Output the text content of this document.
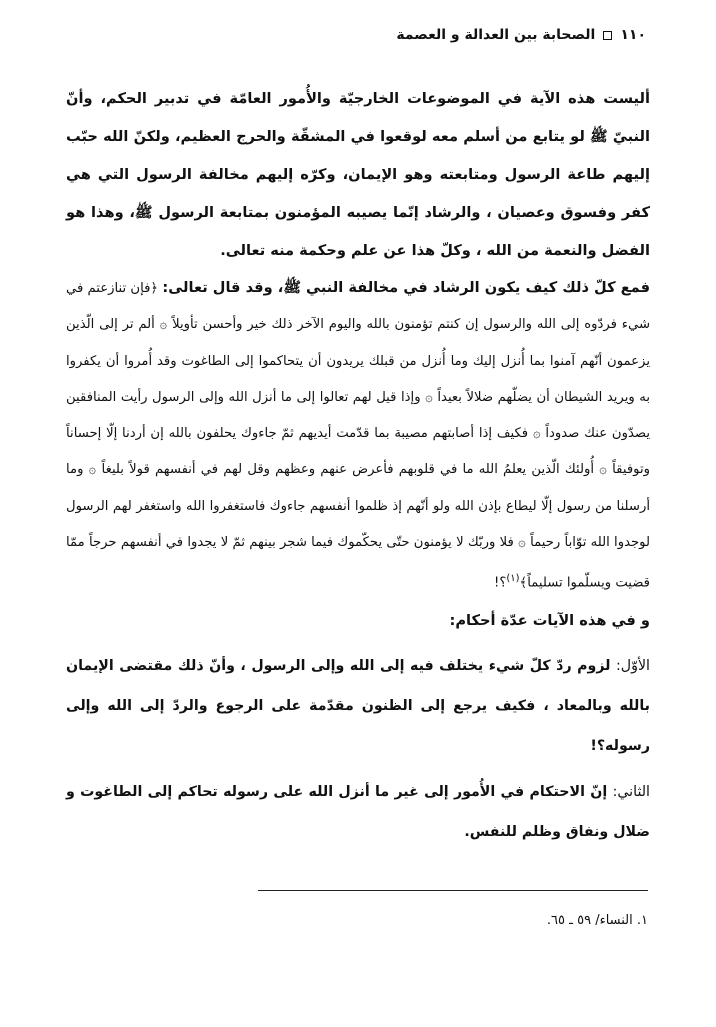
١١٠
الصحابة بين العدالة و العصمة

أليست هذه الآية في الموضوعات الخارجيّة والأُمور العامّة في تدبير الحكم، وأنّ النبيّ ﷺ لو يتابع من أسلم معه لوقعوا في المشقّة والحرج العظيم، ولكنّ الله حبّب إليهم طاعة الرسول ومتابعته وهو الإيمان، وكرّه إليهم مخالفة الرسول التي هي كفر وفسوق وعصيان ، والرشاد إنّما يصيبه المؤمنون بمتابعة الرسول ﷺ، وهذا هو الفضل والنعمة من الله ، وكلّ هذا عن علم وحكمة منه تعالى.

فمع كلّ ذلك كيف يكون الرشاد في مخالفة النبي ﷺ، وقد قال تعالى: ﴿فإن تنازعتم في شيء فردّوه إلى الله والرسول إن كنتم تؤمنون بالله واليوم الآخر ذلك خير وأحسن تأويلاً ۞ ألم تر إلى الّذين يزعمون أنّهم آمنوا بما أُنزل إليك وما أُنزل من قبلك يريدون أن يتحاكموا إلى الطاغوت وقد أُمروا أن يكفروا به ويريد الشيطان أن يضلّهم ضلالاً بعيداً ۞ وإذا قيل لهم تعالوا إلى ما أنزل الله وإلى الرسول رأيت المنافقين يصدّون عنك صدوداً ۞ فكيف إذا أصابتهم مصيبة بما قدّمت أيديهم ثمّ جاءوك يحلفون بالله إن أردنا إلّا إحساناً وتوفيقاً ۞ أُولئك الّذين يعلمُ الله ما في قلوبهم فأعرض عنهم وعظهم وقل لهم في أنفسهم قولاً بليغاً ۞ وما أرسلنا من رسول إلّا ليطاع بإذن الله ولو أنّهم إذ ظلموا أنفسهم جاءوك فاستغفروا الله واستغفر لهم الرسول لوجدوا الله توّاباً رحيماً ۞ فلا وربّك لا يؤمنون حتّى يحكّموك فيما شجر بينهم ثمّ لا يجدوا في أنفسهم حرجاً ممّا قضيت ويسلّموا تسليماً﴾$^{(١)}$؟!

و في هذه الآيات عدّة أحكام:

الأوّل: لزوم ردّ كلّ شيء يختلف فيه إلى الله وإلى الرسول ، وأنّ ذلك مقتضى الإيمان بالله وبالمعاد ، فكيف يرجع إلى الظنون مقدّمة على الرجوع والردّ إلى الله وإلى رسوله؟!

الثاني: إنّ الاحتكام في الأُمور إلى غير ما أنزل الله على رسوله تحاكم إلى الطاغوت و ضلال ونفاق وظلم للنفس.

١. النساء/ ٥٩ ـ ٦٥.
